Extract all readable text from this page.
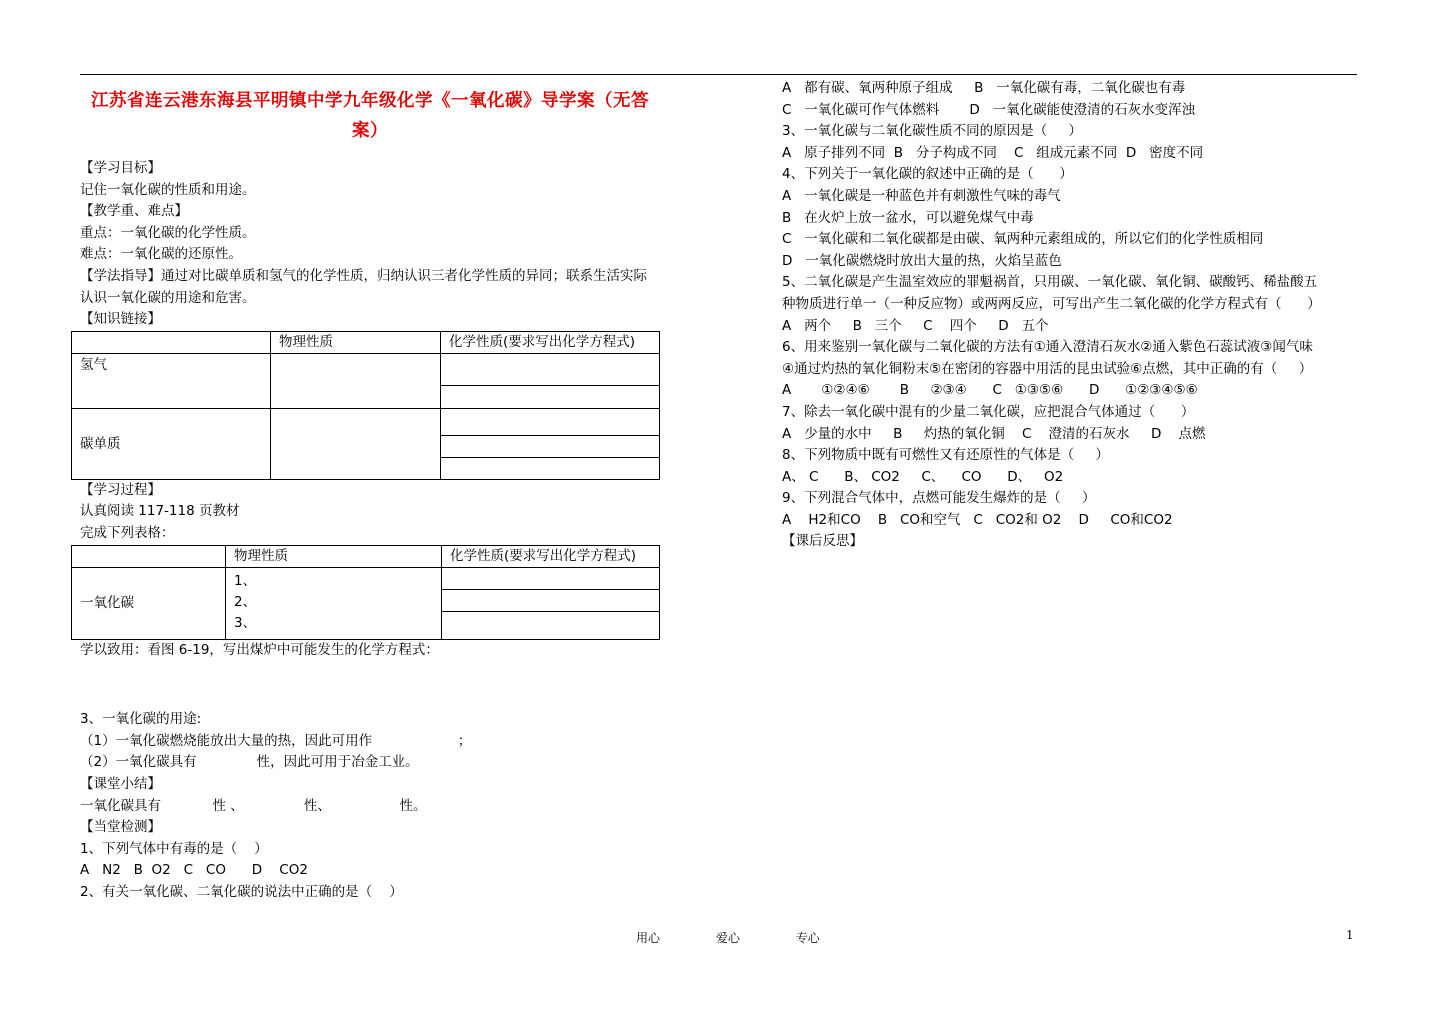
江苏省连云港东海县平明镇中学九年级化学《一氧化碳》导学案（无答案）
【学习目标】
记住一氧化碳的性质和用途。
【教学重、难点】
重点：一氧化碳的化学性质。
难点：一氧化碳的还原性。
【学法指导】通过对比碳单质和氢气的化学性质，归纳认识三者化学性质的异同；联系生活实际认识一氧化碳的用途和危害。
【知识链接】
	物理性质	化学性质(要求写出化学方程式)
氢气		

碳单质		

【学习过程】
认真阅读 117-118 页教材
完成下列表格：
	物理性质	化学性质(要求写出化学方程式)
一氧化碳	1、
2、
3、	

学以致用：看图 6-19，写出煤炉中可能发生的化学方程式：
3、一氧化碳的用途:
（1）一氧化碳燃烧能放出大量的热，因此可用作                    ；
（2）一氧化碳具有              性，因此可用于冶金工业。
【课堂小结】
一氧化碳具有            性 、              性、                性。
【当堂检测】
1、下列气体中有毒的是（    ）
A   N2   B  O2   C   CO      D    CO2
2、有关一氧化碳、二氧化碳的说法中正确的是（    ）
A   都有碳、氧两种原子组成     B   一氧化碳有毒，二氧化碳也有毒
C   一氧化碳可作气体燃料       D   一氧化碳能使澄清的石灰水变浑浊
3、一氧化碳与二氧化碳性质不同的原因是（     ）
A   原子排列不同  B   分子构成不同    C   组成元素不同  D   密度不同
4、下列关于一氧化碳的叙述中正确的是（      ）
A   一氧化碳是一种蓝色并有刺激性气味的毒气
B   在火炉上放一盆水，可以避免煤气中毒
C   一氧化碳和二氧化碳都是由碳、氧两种元素组成的，所以它们的化学性质相同
D   一氧化碳燃烧时放出大量的热，火焰呈蓝色
5、二氧化碳是产生温室效应的罪魁祸首，只用碳、一氧化碳、氧化铜、碳酸钙、稀盐酸五
种物质进行单一（一种反应物）或两两反应，可写出产生二氧化碳的化学方程式有（      ）
A   两个     B   三个     C    四个     D   五个
6、用来鉴别一氧化碳与二氧化碳的方法有①通入澄清石灰水②通入紫色石蕊试液③闻气味
④通过灼热的氧化铜粉末⑤在密闭的容器中用活的昆虫试验⑥点燃，其中正确的有（     ）
A       ①②④⑥       B     ②③④      C   ①③⑤⑥      D      ①②③④⑤⑥
7、除去一氧化碳中混有的少量二氧化碳，应把混合气体通过（      ）
A   少量的水中     B     灼热的氧化铜    C    澄清的石灰水     D    点燃
8、下列物质中既有可燃性又有还原性的气体是（     ）
A、 C      B、 CO2     C、    CO      D、   O2
9、下列混合气体中，点燃可能发生爆炸的是（     ）
A    H2和CO    B   CO和空气   C   CO2和 O2    D     CO和CO2
【课后反思】
用心	爱心	专心	1
